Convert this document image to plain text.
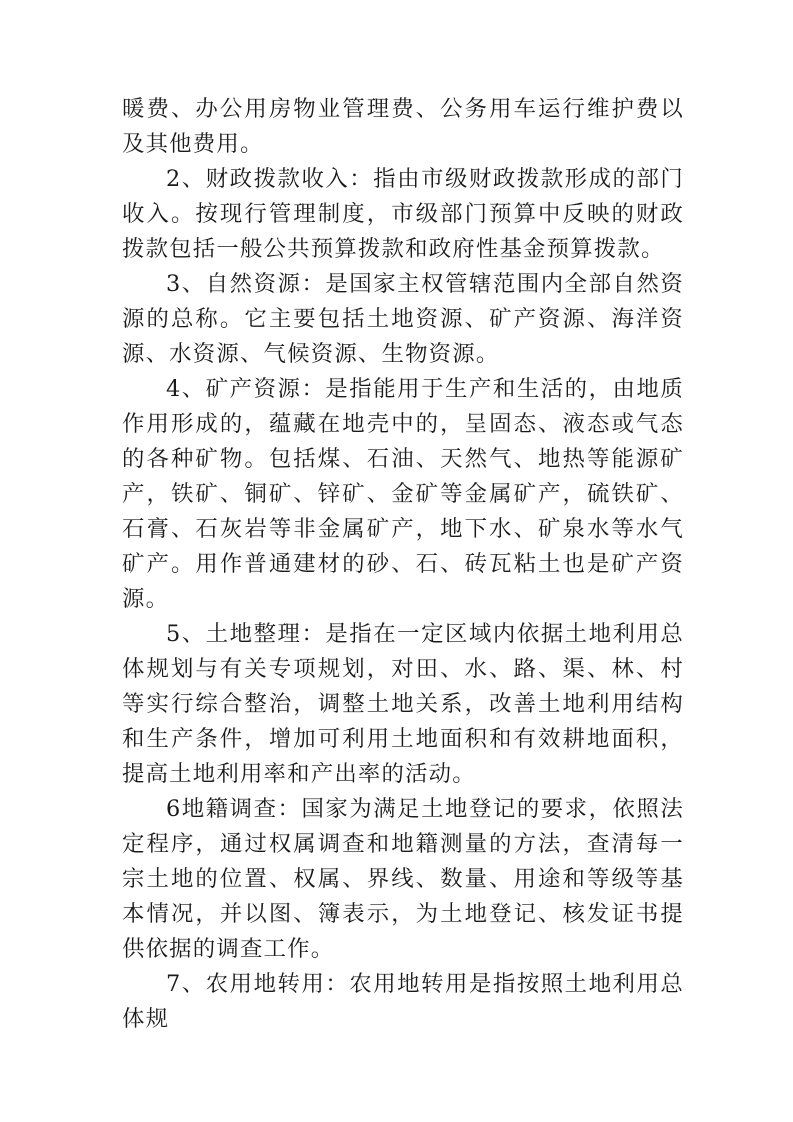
暖费、办公用房物业管理费、公务用车运行维护费以及其他费用。

2、财政拨款收入：指由市级财政拨款形成的部门收入。按现行管理制度，市级部门预算中反映的财政拨款包括一般公共预算拨款和政府性基金预算拨款。

3、自然资源：是国家主权管辖范围内全部自然资源的总称。它主要包括土地资源、矿产资源、海洋资源、水资源、气候资源、生物资源。

4、矿产资源：是指能用于生产和生活的，由地质作用形成的，蕴藏在地壳中的，呈固态、液态或气态的各种矿物。包括煤、石油、天然气、地热等能源矿产，铁矿、铜矿、锌矿、金矿等金属矿产，硫铁矿、石膏、石灰岩等非金属矿产，地下水、矿泉水等水气矿产。用作普通建材的砂、石、砖瓦粘土也是矿产资源。

5、土地整理：是指在一定区域内依据土地利用总体规划与有关专项规划，对田、水、路、渠、林、村等实行综合整治，调整土地关系，改善土地利用结构和生产条件，增加可利用土地面积和有效耕地面积，提高土地利用率和产出率的活动。

6地籍调查：国家为满足土地登记的要求，依照法定程序，通过权属调查和地籍测量的方法，查清每一宗土地的位置、权属、界线、数量、用途和等级等基本情况，并以图、簿表示，为土地登记、核发证书提供依据的调查工作。

7、农用地转用：农用地转用是指按照土地利用总体规
